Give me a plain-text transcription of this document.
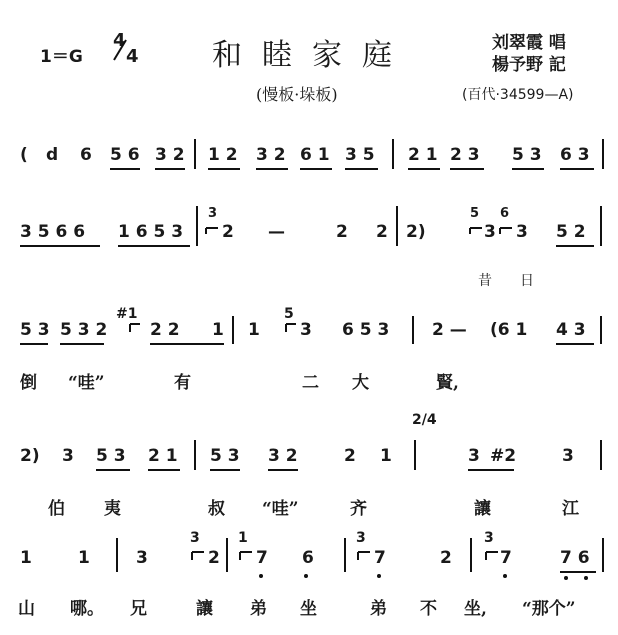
1＝G
4
4 和睦家庭	刘翠霞 唱
楊予野 記
(慢板·垛板)	(百代·34599—A)
( d 6 5 6 3 2 1 2 3 2 6 1 3 5 2 1 2 3 5 3 6 3
3 5 6 6 1 6 5 3
3
2 —	2 2 2)
5
3
6
3 5 2
昔 日
5 3 5 3 2
#1
2 2 1 1
5
3 6 5 3	2 — (6 1 4 3
倒 “哇”	有	二 大	賢,
2) 3 5 3 2 1 5 3 3 2	2 1
2/4
3 #2	3
伯 夷	叔 “哇”	齐	讓	江
1	1	3
3
2
1
7 6
3
7	2
3
7	7 6
山 哪。 兄	讓 弟 坐	弟 不 坐, “那个”
